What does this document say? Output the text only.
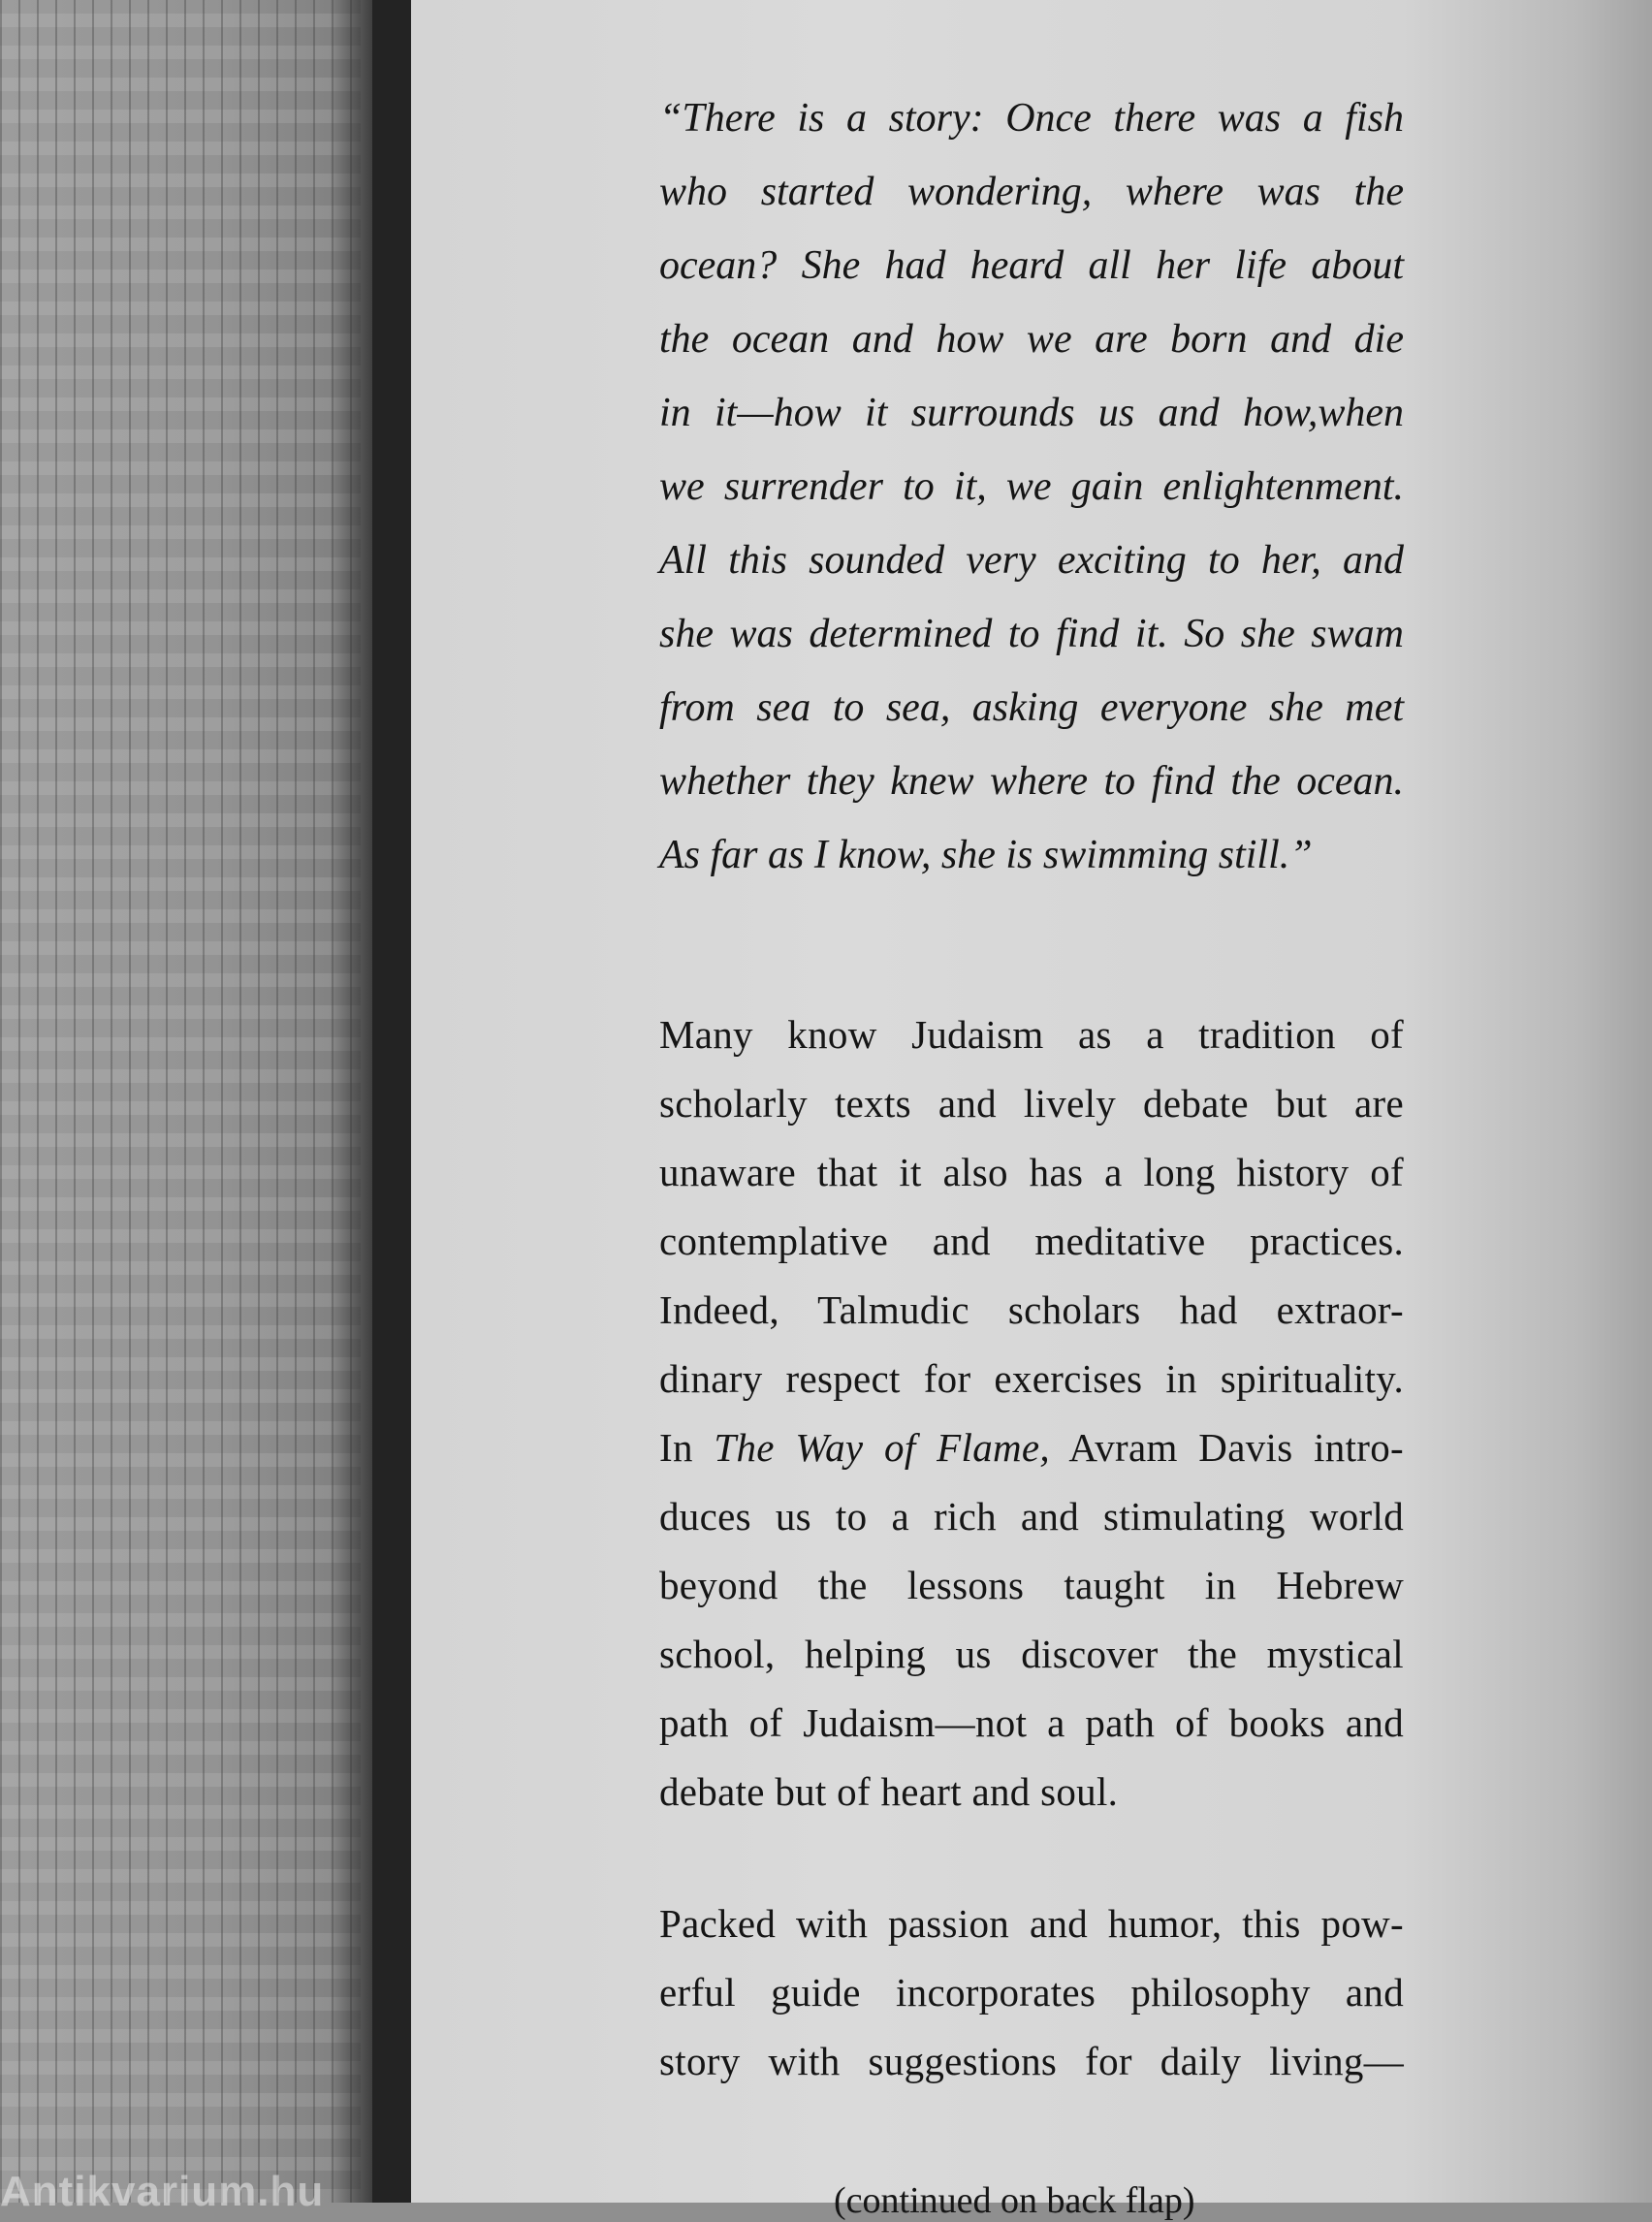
“There is a story: Once there was a fish
who started wondering, where was the
ocean? She had heard all her life about
the ocean and how we are born and die
in it—how it surrounds us and how,when
we surrender to it, we gain enlightenment.
All this sounded very exciting to her, and
she was determined to find it. So she swam
from sea to sea, asking everyone she met
whether they knew where to find the ocean.
As far as I know, she is swimming still.”

Many know Judaism as a tradition of
scholarly texts and lively debate but are
unaware that it also has a long history of
contemplative and meditative practices.
Indeed, Talmudic scholars had extraor-
dinary respect for exercises in spirituality.
In The Way of Flame, Avram Davis intro-
duces us to a rich and stimulating world
beyond the lessons taught in Hebrew
school, helping us discover the mystical
path of Judaism—not a path of books and
debate but of heart and soul.

Packed with passion and humor, this pow-
erful guide incorporates philosophy and
story with suggestions for daily living—

(continued on back flap)
Antikvarium.hu
